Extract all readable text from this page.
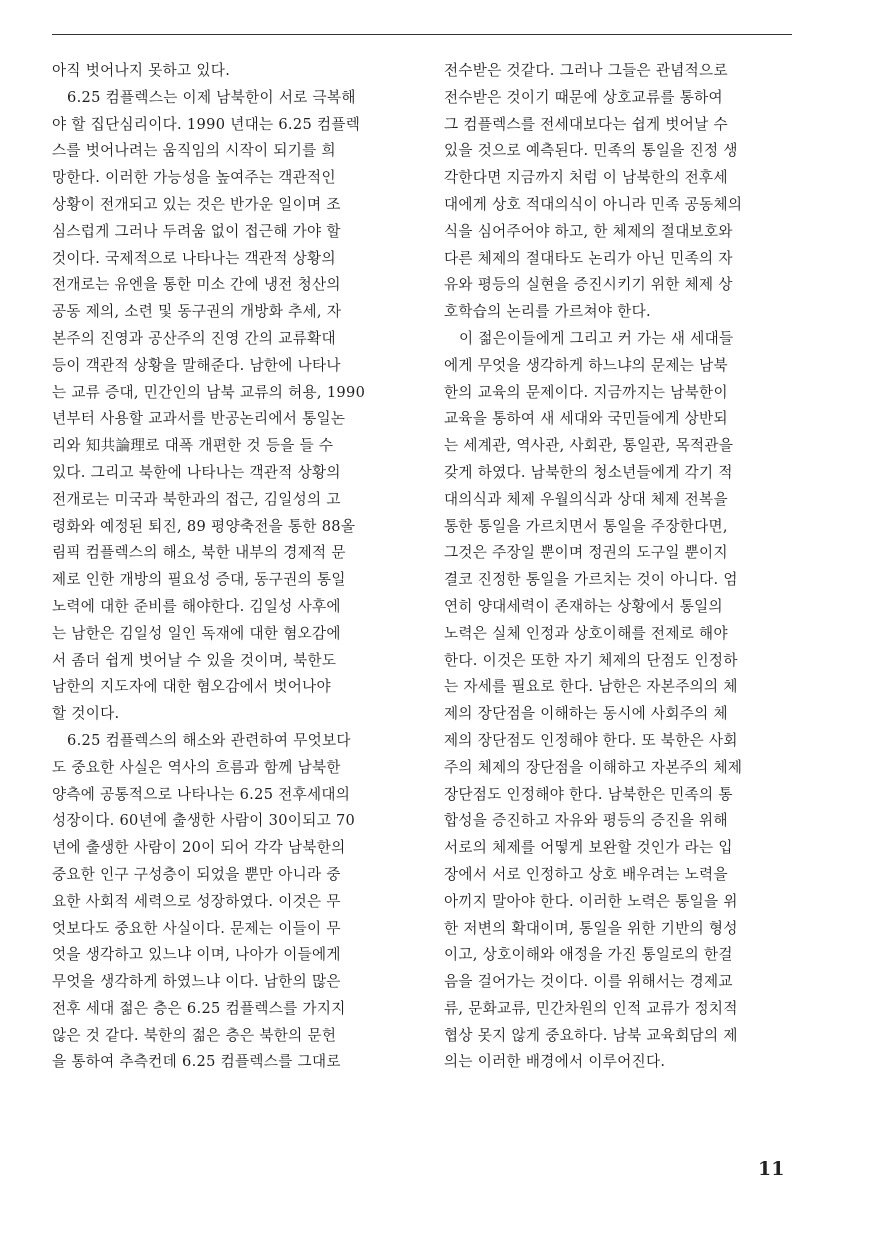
아직 벗어나지 못하고 있다.
6.25 컴플렉스는 이제 남북한이 서로 극복해
야 할 집단심리이다. 1990 년대는 6.25 컴플렉
스를 벗어나려는 움직임의 시작이 되기를 희
망한다. 이러한 가능성을 높여주는 객관적인
상황이 전개되고 있는 것은 반가운 일이며 조
심스럽게 그러나 두려움 없이 접근해 가야 할
것이다. 국제적으로 나타나는 객관적 상황의
전개로는 유엔을 통한 미소 간에 냉전 청산의
공동 제의, 소련 및 동구권의 개방화 추세, 자
본주의 진영과 공산주의 진영 간의 교류확대
등이 객관적 상황을 말해준다. 남한에 나타나
는 교류 증대, 민간인의 남북 교류의 허용, 1990
년부터 사용할 교과서를 반공논리에서 통일논
리와 知共論理로 대폭 개편한 것 등을 들 수
있다. 그리고 북한에 나타나는 객관적 상황의
전개로는 미국과 북한과의 접근, 김일성의 고
령화와 예정된 퇴진, 89 평양축전을 통한 88올
림픽 컴플렉스의 해소, 북한 내부의 경제적 문
제로 인한 개방의 필요성 증대, 동구권의 통일
노력에 대한 준비를 해야한다. 김일성 사후에
는 남한은 김일성 일인 독재에 대한 혐오감에
서 좀더 쉽게 벗어날 수 있을 것이며, 북한도
남한의 지도자에 대한 혐오감에서 벗어나야
할 것이다.
6.25 컴플렉스의 해소와 관련하여 무엇보다
도 중요한 사실은 역사의 흐름과 함께 남북한
양측에 공통적으로 나타나는 6.25 전후세대의
성장이다. 60년에 출생한 사람이 30이되고 70
년에 출생한 사람이 20이 되어 각각 남북한의
중요한 인구 구성층이 되었을 뿐만 아니라 중
요한 사회적 세력으로 성장하였다. 이것은 무
엇보다도 중요한 사실이다. 문제는 이들이 무
엇을 생각하고 있느냐 이며, 나아가 이들에게
무엇을 생각하게 하였느냐 이다. 남한의 많은
전후 세대 젊은 층은 6.25 컴플렉스를 가지지
않은 것 같다. 북한의 젊은 층은 북한의 문헌
을 통하여 추측컨데 6.25 컴플렉스를 그대로
전수받은 것같다. 그러나 그들은 관념적으로
전수받은 것이기 때문에 상호교류를 통하여
그 컴플렉스를 전세대보다는 쉽게 벗어날 수
있을 것으로 예측된다. 민족의 통일을 진정 생
각한다면 지금까지 처럼 이 남북한의 전후세
대에게 상호 적대의식이 아니라 민족 공동체의
식을 심어주어야 하고, 한 체제의 절대보호와
다른 체제의 절대타도 논리가 아닌 민족의 자
유와 평등의 실현을 증진시키기 위한 체제 상
호학습의 논리를 가르쳐야 한다.
이 젊은이들에게 그리고 커 가는 새 세대들
에게 무엇을 생각하게 하느냐의 문제는 남북
한의 교육의 문제이다. 지금까지는 남북한이
교육을 통하여 새 세대와 국민들에게 상반되
는 세계관, 역사관, 사회관, 통일관, 목적관을
갖게 하였다. 남북한의 청소년들에게 각기 적
대의식과 체제 우월의식과 상대 체제 전복을
통한 통일을 가르치면서 통일을 주장한다면,
그것은 주장일 뿐이며 정권의 도구일 뿐이지
결코 진정한 통일을 가르치는 것이 아니다. 엄
연히 양대세력이 존재하는 상황에서 통일의
노력은 실체 인정과 상호이해를 전제로 해야
한다. 이것은 또한 자기 체제의 단점도 인정하
는 자세를 필요로 한다. 남한은 자본주의의 체
제의 장단점을 이해하는 동시에 사회주의 체
제의 장단점도 인정해야 한다. 또 북한은 사회
주의 체제의 장단점을 이해하고 자본주의 체제
장단점도 인정해야 한다. 남북한은 민족의 통
합성을 증진하고 자유와 평등의 증진을 위해
서로의 체제를 어떻게 보완할 것인가 라는 입
장에서 서로 인정하고 상호 배우려는 노력을
아끼지 말아야 한다. 이러한 노력은 통일을 위
한 저변의 확대이며, 통일을 위한 기반의 형성
이고, 상호이해와 애정을 가진 통일로의 한걸
음을 걸어가는 것이다. 이를 위해서는 경제교
류, 문화교류, 민간차원의 인적 교류가 정치적
협상 못지 않게 중요하다. 남북 교육회담의 제
의는 이러한 배경에서 이루어진다.
11
